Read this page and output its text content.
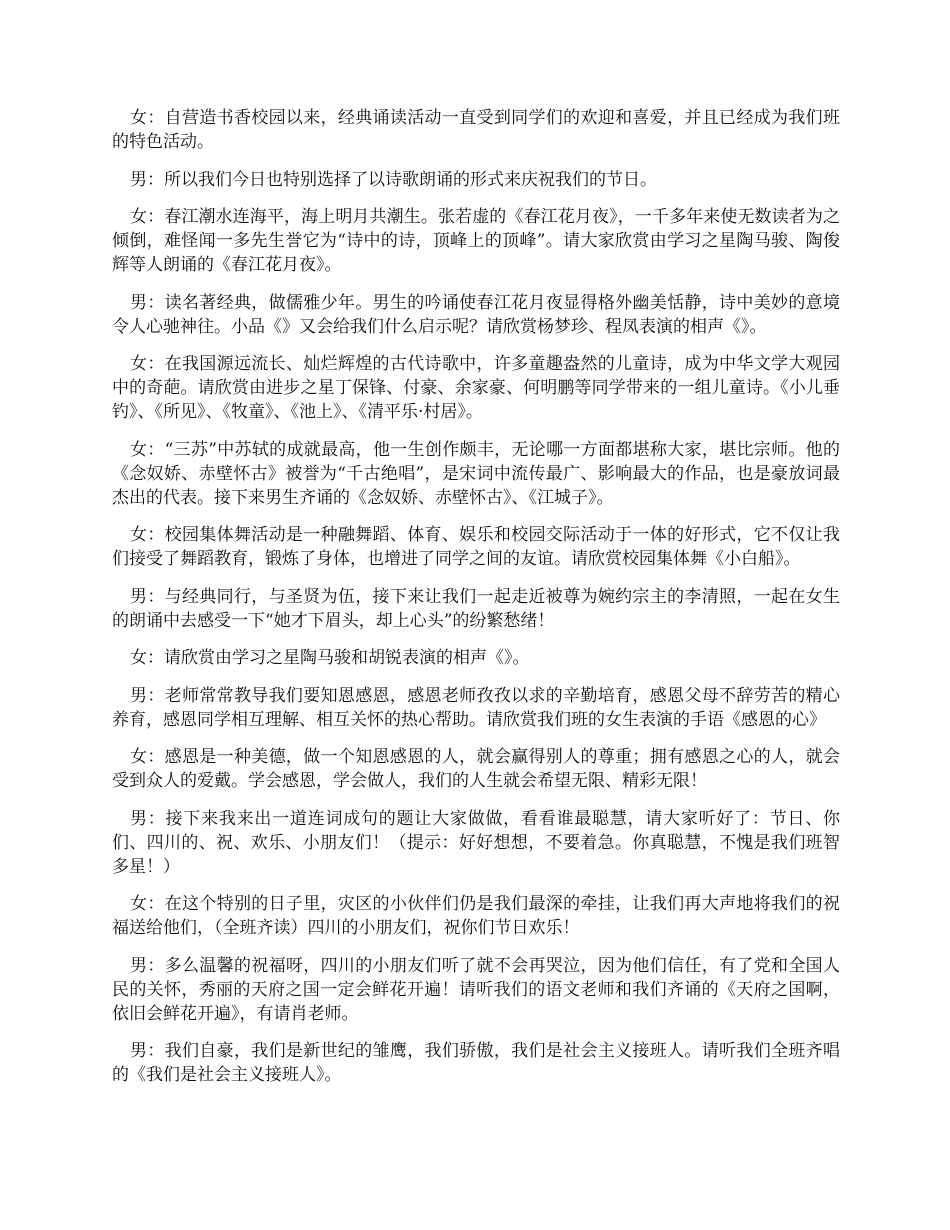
女：自营造书香校园以来，经典诵读活动一直受到同学们的欢迎和喜爱，并且已经成为我们班的特色活动。

男：所以我们今日也特别选择了以诗歌朗诵的形式来庆祝我们的节日。

女：春江潮水连海平，海上明月共潮生。张若虚的《春江花月夜》，一千多年来使无数读者为之倾倒，难怪闻一多先生誉它为“诗中的诗，顶峰上的顶峰”。请大家欣赏由学习之星陶马骏、陶俊辉等人朗诵的《春江花月夜》。

男：读名著经典，做儒雅少年。男生的吟诵使春江花月夜显得格外幽美恬静，诗中美妙的意境令人心驰神往。小品《》又会给我们什么启示呢？请欣赏杨梦珍、程凤表演的相声《》。

女：在我国源远流长、灿烂辉煌的古代诗歌中，许多童趣盎然的儿童诗，成为中华文学大观园中的奇葩。请欣赏由进步之星丁保锋、付豪、余家豪、何明鹏等同学带来的一组儿童诗。《小儿垂钓》、《所见》、《牧童》、《池上》、《清平乐·村居》。

女：“三苏”中苏轼的成就最高，他一生创作颇丰，无论哪一方面都堪称大家，堪比宗师。他的《念奴娇、赤壁怀古》被誉为“千古绝唱”，是宋词中流传最广、影响最大的作品，也是豪放词最杰出的代表。接下来男生齐诵的《念奴娇、赤壁怀古》、《江城子》。

女：校园集体舞活动是一种融舞蹈、体育、娱乐和校园交际活动于一体的好形式，它不仅让我们接受了舞蹈教育，锻炼了身体，也增进了同学之间的友谊。请欣赏校园集体舞《小白船》。

男：与经典同行，与圣贤为伍，接下来让我们一起走近被尊为婉约宗主的李清照，一起在女生的朗诵中去感受一下“她才下眉头，却上心头”的纷繁愁绪！

女：请欣赏由学习之星陶马骏和胡锐表演的相声《》。

男：老师常常教导我们要知恩感恩，感恩老师孜孜以求的辛勤培育，感恩父母不辞劳苦的精心养育，感恩同学相互理解、相互关怀的热心帮助。请欣赏我们班的女生表演的手语《感恩的心》

女：感恩是一种美德，做一个知恩感恩的人，就会赢得别人的尊重；拥有感恩之心的人，就会受到众人的爱戴。学会感恩，学会做人，我们的人生就会希望无限、精彩无限！

男：接下来我来出一道连词成句的题让大家做做，看看谁最聪慧，请大家听好了：节日、你们、四川的、祝、欢乐、小朋友们！（提示：好好想想，不要着急。你真聪慧，不愧是我们班智多星！）

女：在这个特别的日子里，灾区的小伙伴们仍是我们最深的牵挂，让我们再大声地将我们的祝福送给他们，（全班齐读）四川的小朋友们，祝你们节日欢乐！

男：多么温馨的祝福呀，四川的小朋友们听了就不会再哭泣，因为他们信任，有了党和全国人民的关怀，秀丽的天府之国一定会鲜花开遍！请听我们的语文老师和我们齐诵的《天府之国啊，依旧会鲜花开遍》，有请肖老师。

男：我们自豪，我们是新世纪的雏鹰，我们骄傲，我们是社会主义接班人。请听我们全班齐唱的《我们是社会主义接班人》。
